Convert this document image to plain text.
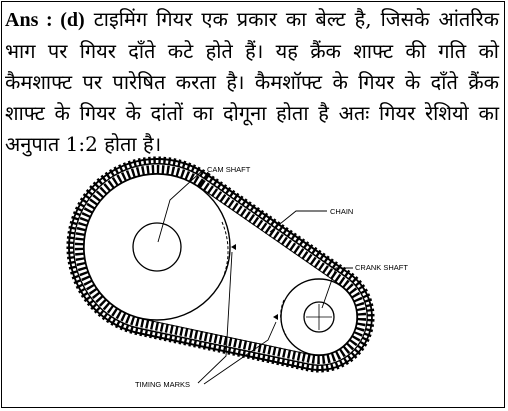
Ans : (d) टाइमिंग गियर एक प्रकार का बेल्ट है, जिसके आंतरिक भाग पर गियर दाँते कटे होते हैं। यह क्रैंक शाफ्ट की गति को कैमशाफ्ट पर पारेषित करता है। कैमशॉफ्ट के गियर के दाँते क्रैंक शाफ्ट के गियर के दांतों का दोगूना होता है अतः गियर रेशियो का अनुपात 1:2 होता है।
CAM SHAFT
CHAIN
CRANK SHAFT
TIMING MARKS
